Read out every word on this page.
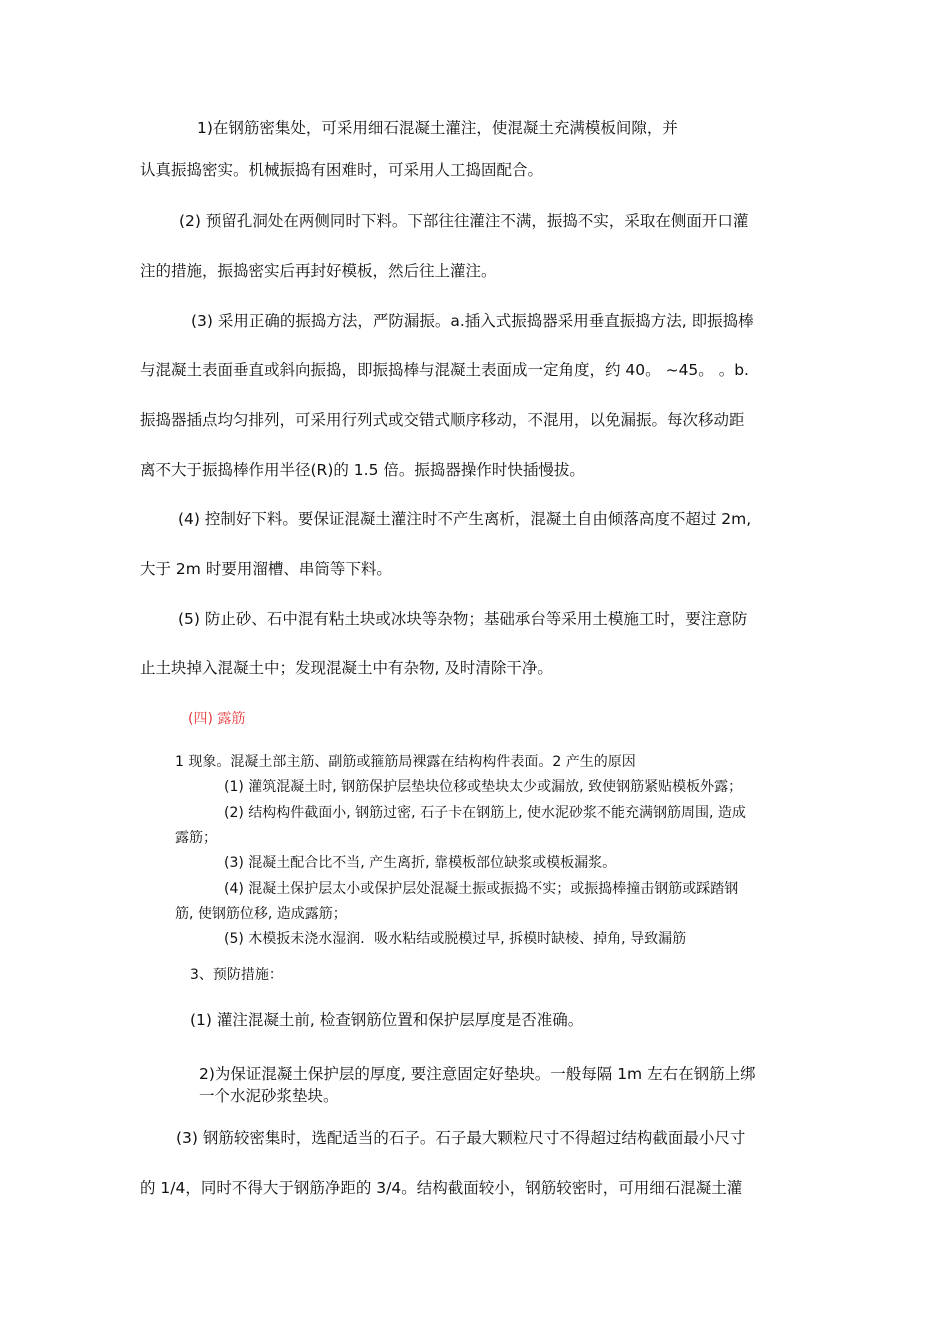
1)在钢筋密集处，可采用细石混凝土灌注，使混凝土充满模板间隙，并
认真振捣密实。机械振捣有困难时，可采用人工捣固配合。
(2) 预留孔洞处在两侧同时下料。下部往往灌注不满，振捣不实，采取在侧面开口灌
注的措施，振捣密实后再封好模板，然后往上灌注。
(3) 采用正确的振捣方法，严防漏振。a.插入式振捣器采用垂直振捣方法, 即振捣棒
与混凝土表面垂直或斜向振捣，即振捣棒与混凝土表面成一定角度，约 40。 ~45。 。b.
振捣器插点均匀排列，可采用行列式或交错式顺序移动，不混用，以免漏振。每次移动距
离不大于振捣棒作用半径(R)的 1.5 倍。振捣器操作时快插慢拔。
(4) 控制好下料。要保证混凝土灌注时不产生离析，混凝土自由倾落高度不超过 2m,
大于 2m 时要用溜槽、串筒等下料。
(5) 防止砂、石中混有粘土块或冰块等杂物；基础承台等采用土模施工时，要注意防
止土块掉入混凝土中；发现混凝土中有杂物, 及时清除干净。
(四) 露筋
1 现象。混凝土部主筋、副筋或箍筋局裸露在结构构件表面。2 产生的原因
(1) 灌筑混凝土时, 钢筋保护层垫块位移或垫块太少或漏放, 致使钢筋紧贴模板外露；
(2) 结构构件截面小, 钢筋过密, 石子卡在钢筋上, 使水泥砂浆不能充满钢筋周围, 造成
露筋；
(3) 混凝土配合比不当, 产生离折, 靠模板部位缺浆或模板漏浆。
(4) 混凝土保护层太小或保护层处混凝土振或振捣不实；或振捣棒撞击钢筋或踩踏钢
筋, 使钢筋位移, 造成露筋；
(5) 木模扳未浇水湿润．吸水粘结或脱模过早, 拆模时缺棱、掉角, 导致漏筋
3、预防措施：
(1) 灌注混凝土前, 检查钢筋位置和保护层厚度是否准确。
2)为保证混凝土保护层的厚度, 要注意固定好垫块。一般每隔 1m 左右在钢筋上绑
一个水泥砂浆垫块。
(3) 钢筋较密集时，选配适当的石子。石子最大颗粒尺寸不得超过结构截面最小尺寸
的 1/4，同时不得大于钢筋净距的 3/4。结构截面较小，钢筋较密时，可用细石混凝土灌
